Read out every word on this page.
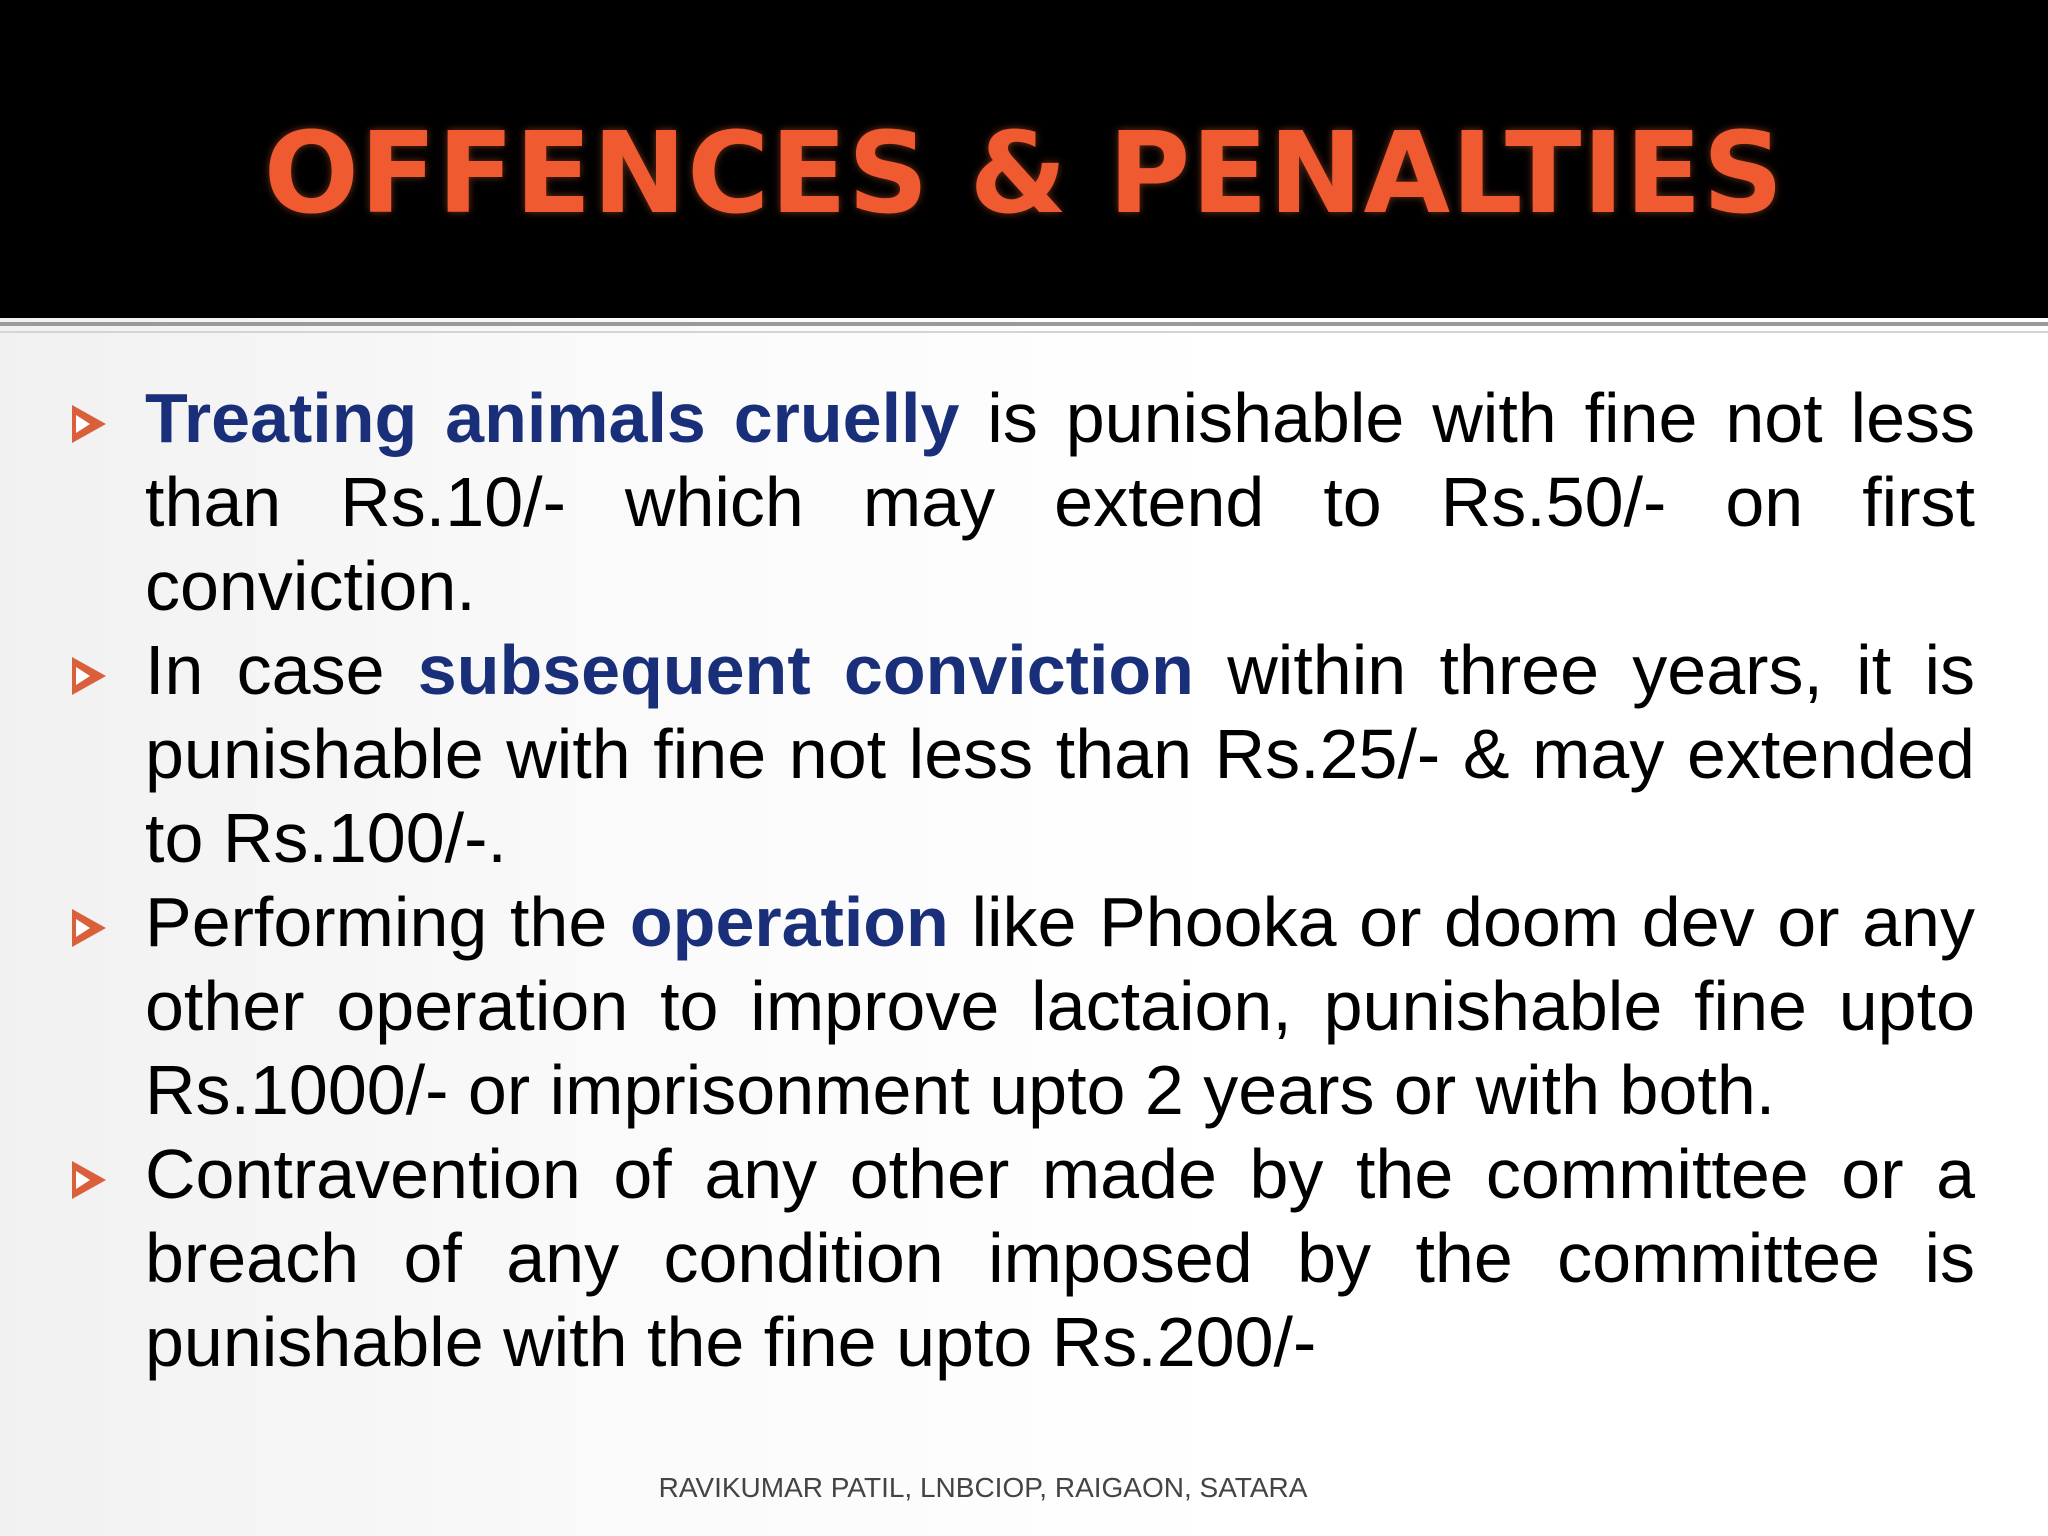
OFFENCES & PENALTIES
Treating animals cruelly is punishable with fine not less than Rs.10/- which may extend to Rs.50/- on first conviction.
In case subsequent conviction within three years, it is punishable with fine not less than Rs.25/- & may extended to Rs.100/-.
Performing the operation like Phooka or doom dev or any other operation to improve lactaion, punishable fine upto Rs.1000/- or imprisonment upto 2 years or with both.
Contravention of any other made by the committee or a breach of any condition imposed by the committee is punishable with the fine upto Rs.200/-
RAVIKUMAR PATIL, LNBCIOP, RAIGAON, SATARA
